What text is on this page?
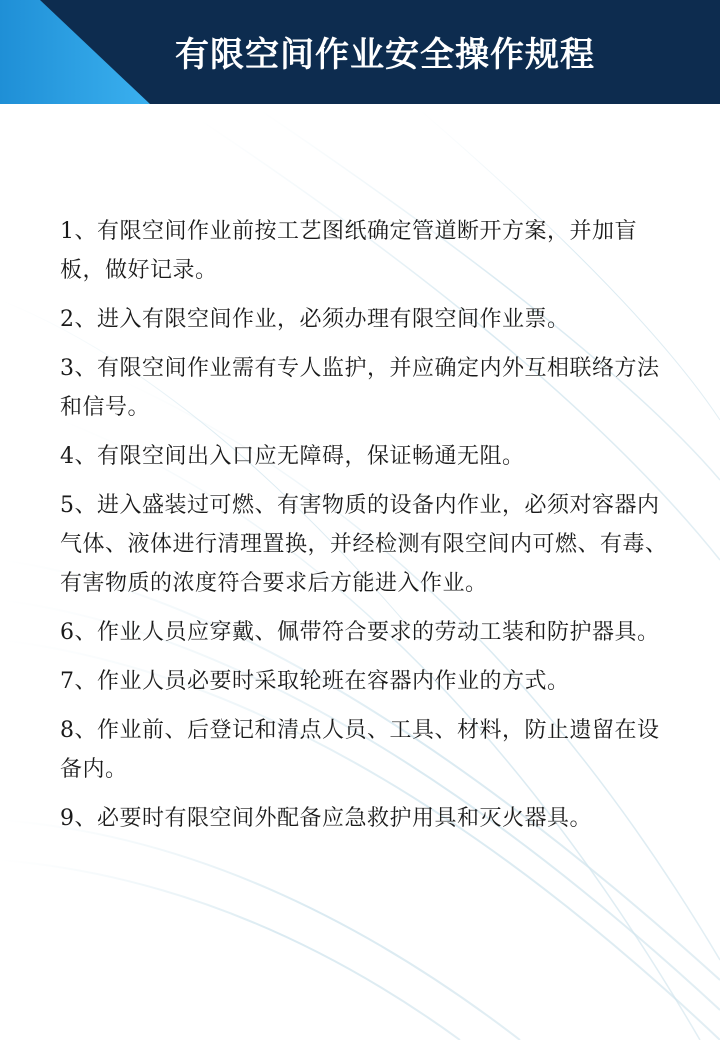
有限空间作业安全操作规程

1、有限空间作业前按工艺图纸确定管道断开方案，并加盲板，做好记录。

2、进入有限空间作业，必须办理有限空间作业票。

3、有限空间作业需有专人监护，并应确定内外互相联络方法和信号。

4、有限空间出入口应无障碍，保证畅通无阻。

5、进入盛装过可燃、有害物质的设备内作业，必须对容器内气体、液体进行清理置换，并经检测有限空间内可燃、有毒、有害物质的浓度符合要求后方能进入作业。

6、作业人员应穿戴、佩带符合要求的劳动工装和防护器具。

7、作业人员必要时采取轮班在容器内作业的方式。

8、作业前、后登记和清点人员、工具、材料，防止遗留在设备内。

9、必要时有限空间外配备应急救护用具和灭火器具。
